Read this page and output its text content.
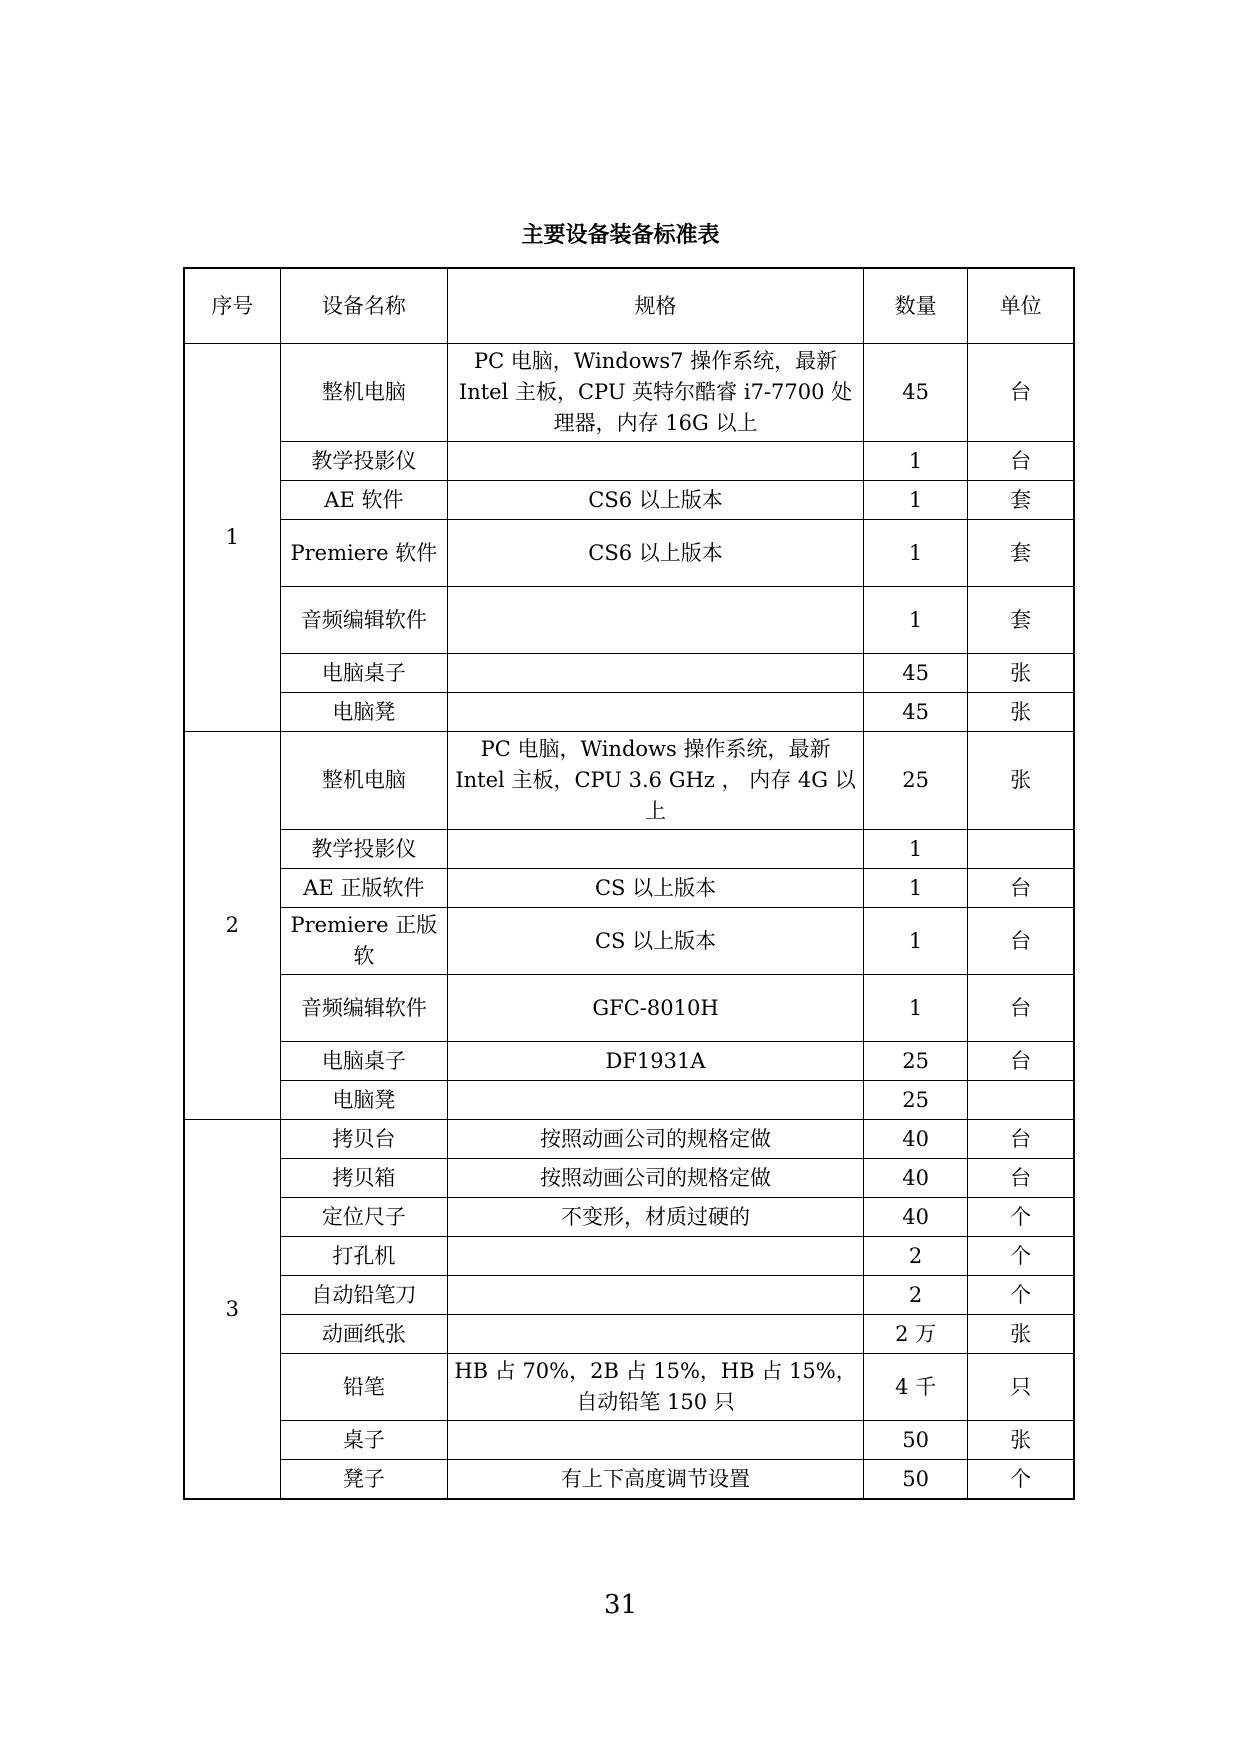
主要设备装备标准表
序号	设备名称	规格	数量	单位
1	整机电脑	PC 电脑，Windows7 操作系统，最新 Intel 主板，CPU 英特尔酷睿 i7-7700 处理器，内存 16G 以上	45	台
	教学投影仪		1	台
	AE 软件	CS6 以上版本	1	套
	Premiere 软件	CS6 以上版本	1	套
	音频编辑软件		1	套
	电脑桌子		45	张
	电脑凳		45	张
2	整机电脑	PC 电脑，Windows 操作系统，最新 Intel 主板，CPU 3.6 GHz ， 内存 4G 以上	25	张
	教学投影仪		1	
	AE 正版软件	CS 以上版本	1	台
	Premiere 正版软	CS 以上版本	1	台
	音频编辑软件	GFC-8010H	1	台
	电脑桌子	DF1931A	25	台
	电脑凳		25	
3	拷贝台	按照动画公司的规格定做	40	台
	拷贝箱	按照动画公司的规格定做	40	台
	定位尺子	不变形，材质过硬的	40	个
	打孔机		2	个
	自动铅笔刀		2	个
	动画纸张		2 万	张
	铅笔	HB 占 70%，2B 占 15%，HB 占 15%，自动铅笔 150 只	4 千	只
	桌子		50	张
	凳子	有上下高度调节设置	50	个
31
